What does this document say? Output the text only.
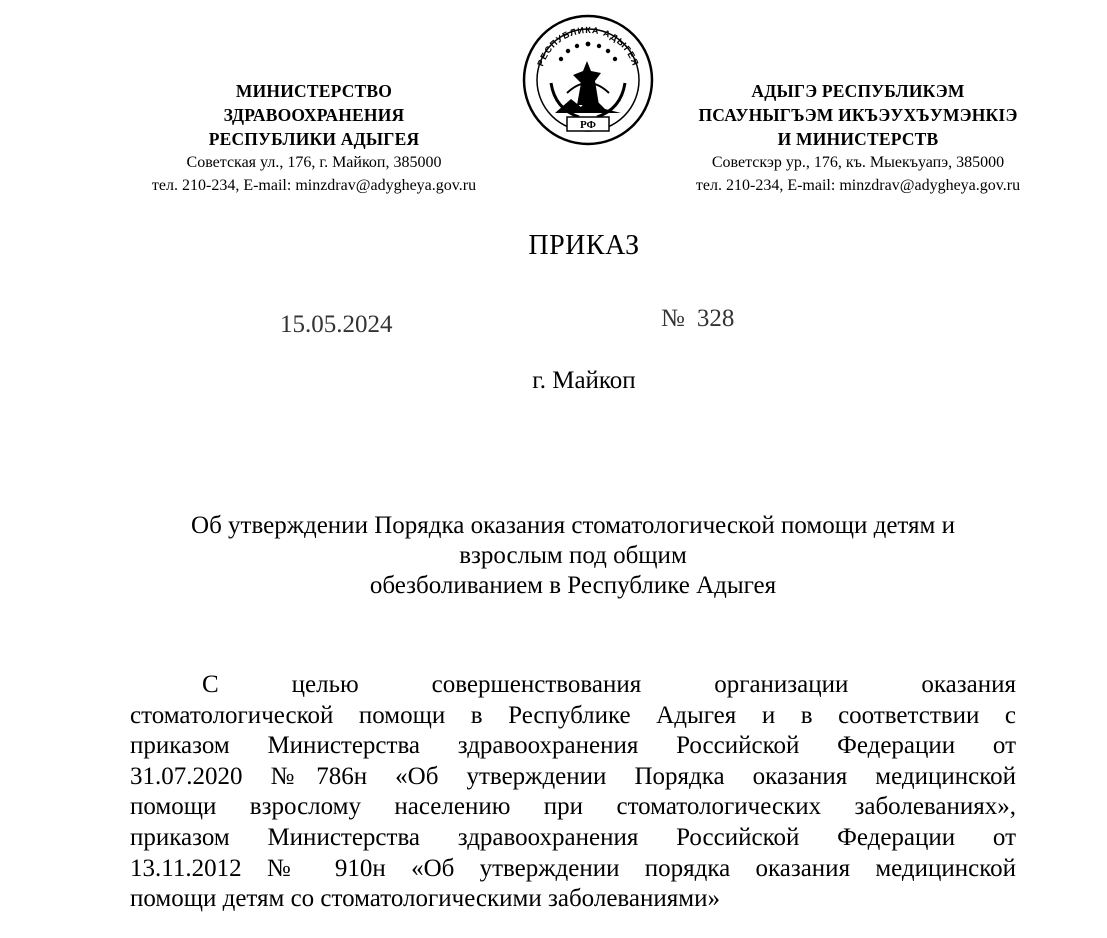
МИНИСТЕРСТВО

ЗДРАВООХРАНЕНИЯ

РЕСПУБЛИКИ АДЫГЕЯ

Советская ул., 176, г. Майкоп, 385000

тел. 210-234, E-mail: minzdrav@adygheya.gov.ru

РЕСПУБЛИКА АДЫГЕЯ
РФ

АДЫГЭ РЕСПУБЛИКЭМ

ПСАУНЫГЪЭМ ИКЪЭУХЪУМЭНКIЭ

И МИНИСТЕРСТВ

Советскэр ур., 176, къ. Мыекъуапэ, 385000

тел. 210-234, E-mail: minzdrav@adygheya.gov.ru

ПРИКАЗ
15.05.2024	№ 328
г. Майкоп
Об утверждении Порядка оказания стоматологической помощи детям и
взрослым под общим
обезболиванием в Республике Адыгея
С целью совершенствования организации оказания
стоматологической помощи в Республике Адыгея и в соответствии с
приказом Министерства здравоохранения Российской Федерации от
31.07.2020 №786н «Об утверждении Порядка оказания медицинской
помощи взрослому населению при стоматологических заболеваниях»,
приказом Министерства здравоохранения Российской Федерации от
13.11.2012 № 910н «Об утверждении порядка оказания медицинской
помощи детям со стоматологическими заболеваниями»
